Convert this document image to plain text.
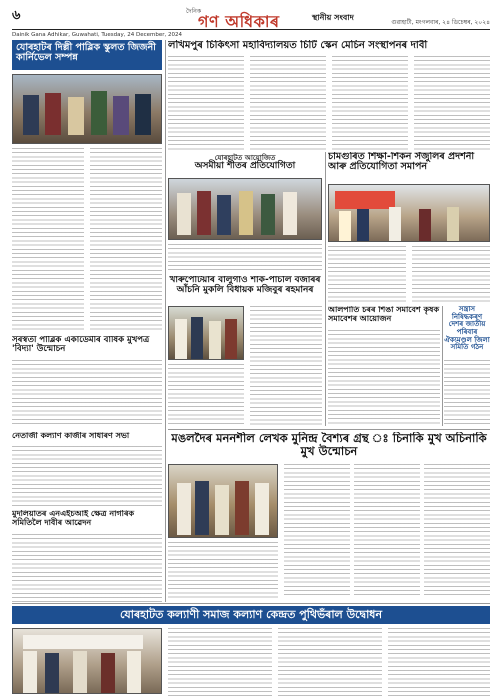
৬	দৈনিক
গণ অধিকাৰ	স্থানীয় সংবাদ
গুৱাহাটী, মংগলবাৰ, ২৪ ডিচেম্বৰ, ২০২৪
Dainik Gana Adhikar, Guwahati, Tuesday, 24 December, 2024
যোৰহাটৰ দিল্লী পাব্লিক স্কুলত জিজনী কাৰ্নিভেল সম্পন্ন
লখিমপুৰ চিকিৎসা মহাবিদ্যালয়ত চিটি স্কেন মেচিন সংস্থাপনৰ দাবী
যোৰহাটত আয়োজিত
অসমীয়া শীতৰ প্ৰতিযোগিতা
চামগুৰিত শিক্ষা-শিকন সঁজুলিৰ প্ৰদৰ্শনী আৰু প্ৰতিযোগিতা সমাপন
সৰস্বতী পাব্লিক একাডেমীৰ বাৰ্ষিক মুখপত্ৰ 'বিদ্যা' উন্মোচন
নেতাজী কল্যাণ কাজীৰ সাধাৰণ সভা
মুদলিয়াতৰ এনএইচআই ক্ষেত্ৰ নাগৰিক সমিতিলৈ দাবীৰ আৱেদন
খাৰুপেটিয়াৰ বালুগাঁও শাক-পাচলি বজাৰৰ আঁচনি মুকলি বিধায়ক মজিবুৰ ৰহমানৰ
আলপাতি চৰৰ শিঙা সমাবেশ কৃষক সমাবেশৰ আয়োজন
সন্ত্ৰাস নিষিদ্ধকৰণ দেশৰ জাতীয় পৰিবাৰ ঐক্যমণ্ডল জিলা সমিতি গঠন
মঙলদৈৰ মননশীল লেখক মুনিন্দ্ৰ বৈশ্যৰ গ্ৰন্থ ঃ চিনাকি মুখ অচিনাকি মুখ উন্মোচন
যোৰহাটত কল্যাণী সমাজ কল্যাণ কেন্দ্ৰত পুথিভঁৰাল উদ্বোধন
